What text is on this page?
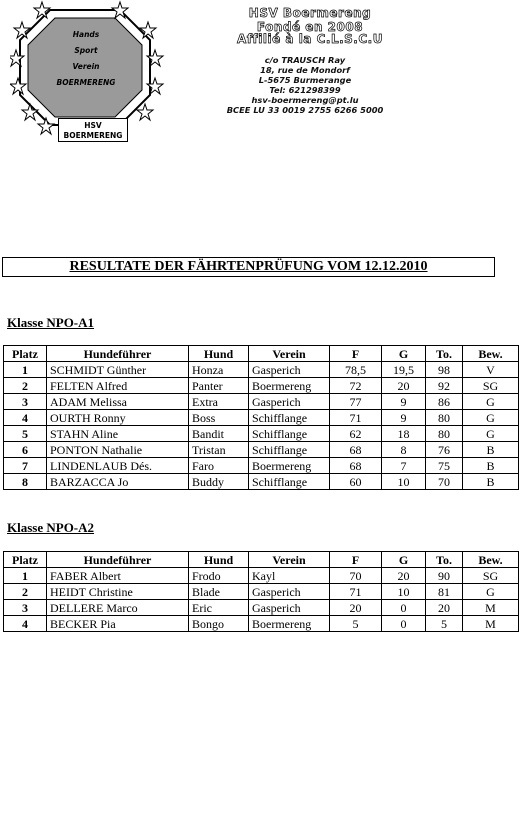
Hands
Sport
Verein
BOERMERENG
HSV
BOERMERENG
HSV Boermereng
Fondé en 2008
Affilié à la C.L.S.C.U
c/o TRAUSCH Ray
18, rue de Mondorf
L-5675 Burmerange
Tel: 621298399
hsv-boermereng@pt.lu
BCEE LU 33 0019 2755 6266 5000
RESULTATE DER FÄHRTENPRÜFUNG VOM 12.12.2010
Klasse NPO-A1
Platz	Hundeführer	Hund	Verein	F	G	To.	Bew.
1	SCHMIDT Günther	Honza	Gasperich	78,5	19,5	98	V
2	FELTEN Alfred	Panter	Boermereng	72	20	92	SG
3	ADAM Melissa	Extra	Gasperich	77	9	86	G
4	OURTH Ronny	Boss	Schifflange	71	9	80	G
5	STAHN Aline	Bandit	Schifflange	62	18	80	G
6	PONTON Nathalie	Tristan	Schifflange	68	8	76	B
7	LINDENLAUB Dés.	Faro	Boermereng	68	7	75	B
8	BARZACCA Jo	Buddy	Schifflange	60	10	70	B
Klasse NPO-A2
Platz	Hundeführer	Hund	Verein	F	G	To.	Bew.
1	FABER Albert	Frodo	Kayl	70	20	90	SG
2	HEIDT Christine	Blade	Gasperich	71	10	81	G
3	DELLERE Marco	Eric	Gasperich	20	0	20	M
4	BECKER Pia	Bongo	Boermereng	5	0	5	M
